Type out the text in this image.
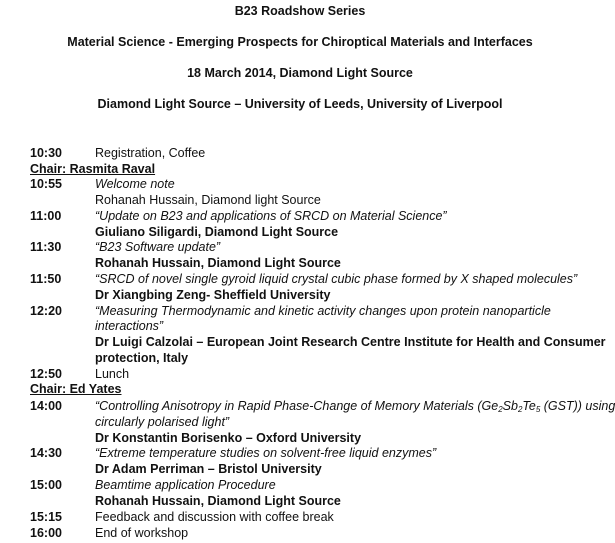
B23 Roadshow Series
Material Science - Emerging Prospects for Chiroptical Materials and Interfaces
18 March 2014, Diamond Light Source
Diamond Light Source – University of Leeds, University of Liverpool
10:30	Registration, Coffee
Chair: Rasmita Raval
10:55	Welcome note
Rohanah Hussain, Diamond light Source
11:00	“Update on B23 and applications of SRCD on Material Science”
Giuliano Siligardi, Diamond Light Source
11:30	“B23 Software update”
Rohanah Hussain, Diamond Light Source
11:50	“SRCD of novel single gyroid liquid crystal cubic phase formed by X shaped molecules”
Dr Xiangbing Zeng- Sheffield University
12:20	“Measuring Thermodynamic and kinetic activity changes upon protein nanoparticle
interactions”
Dr Luigi Calzolai – European Joint Research Centre Institute for Health and Consumer
protection, Italy
12:50	Lunch
Chair: Ed Yates
14:00	“Controlling Anisotropy in Rapid Phase-Change of Memory Materials ($Ge_2Sb_2Te_5$ (GST)) using
circularly polarised light”
Dr Konstantin Borisenko – Oxford University
14:30	“Extreme temperature studies on solvent-free liquid enzymes”
Dr Adam Perriman – Bristol University
15:00	Beamtime application Procedure
Rohanah Hussain, Diamond Light Source
15:15	Feedback and discussion with coffee break
16:00	End of workshop
